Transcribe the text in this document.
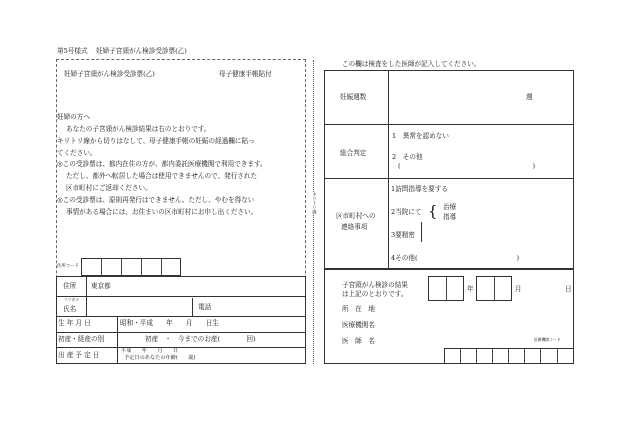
第5号様式 妊婦子宮頸がん検診受診票(乙)
妊婦子宮頸がん検診受診票(乙)	母子健康手帳貼付
妊婦の方へ
あなたの子宮頸がん検診結果は右のとおりです。
キリトリ線から切りはなして、母子健康手帳の妊娠の経過欄に貼っ
てください。
◎この受診票は、都内在住の方が、都内委託医療機関で利用できます。
ただし、都外へ転居した場合は使用できませんので、発行された
区市町村にご返却ください。
◎この受診票は、原則再発行はできません。ただし、やむを得ない
事情がある場合には、お住まいの区市町村にお申し出ください。
住所コード
住所 東京都
フリガナ
氏名	電話
生 年 月 日	昭和・平成　　年　　月　　日生
初産・経産の別	初産　・　今までのお産(　　　　回)
出 産 予 定 日	平成　　年　　月　　日
予定日のあなたの年齢(　　歳)
キリトリ線
この欄は検査をした医師が記入してください。
妊娠週数	週
総合判定
1　異常を認めない
2　その他
(　　　　　　　　　　　　　　　　　　　　)
区市町村への
連絡事項
1訪問指導を要する
2当院にて { 治療
指導
3要精密
4その他(　　　　　　　　　　　　　　　)
子宮頸がん検診の結果
は上記のとおりです。
年	月	日
所　在　地
医療機関名
医　師　名	医療機関コード
